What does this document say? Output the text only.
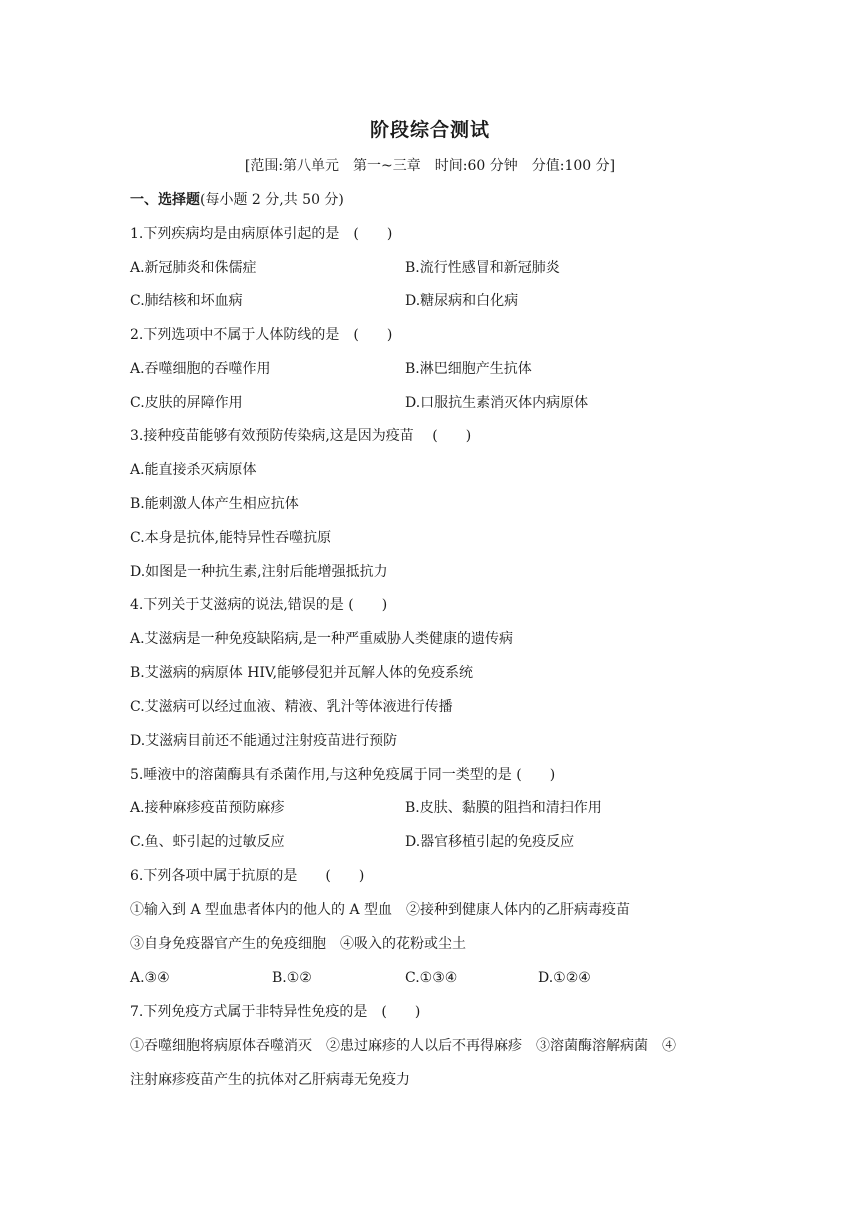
阶段综合测试
[范围:第八单元　第一~三章　时间:60 分钟　分值:100 分]
一、选择题(每小题 2 分,共 50 分)
1.下列疾病均是由病原体引起的是　(　　)
A.新冠肺炎和侏儒症	B.流行性感冒和新冠肺炎
C.肺结核和坏血病	D.糖尿病和白化病
2.下列选项中不属于人体防线的是　(　　)
A.吞噬细胞的吞噬作用	B.淋巴细胞产生抗体
C.皮肤的屏障作用	D.口服抗生素消灭体内病原体
3.接种疫苗能够有效预防传染病,这是因为疫苗　 (　　)
A.能直接杀灭病原体
B.能刺激人体产生相应抗体
C.本身是抗体,能特异性吞噬抗原
D.如图是一种抗生素,注射后能增强抵抗力
4.下列关于艾滋病的说法,错误的是 (　　)
A.艾滋病是一种免疫缺陷病,是一种严重威胁人类健康的遗传病
B.艾滋病的病原体 HIV,能够侵犯并瓦解人体的免疫系统
C.艾滋病可以经过血液、精液、乳汁等体液进行传播
D.艾滋病目前还不能通过注射疫苗进行预防
5.唾液中的溶菌酶具有杀菌作用,与这种免疫属于同一类型的是 (　　)
A.接种麻疹疫苗预防麻疹	B.皮肤、黏膜的阻挡和清扫作用
C.鱼、虾引起的过敏反应	D.器官移植引起的免疫反应
6.下列各项中属于抗原的是　　(　　)
①输入到 A 型血患者体内的他人的 A 型血　②接种到健康人体内的乙肝病毒疫苗
③自身免疫器官产生的免疫细胞　④吸入的花粉或尘土
A.③④	B.①②	C.①③④	D.①②④
7.下列免疫方式属于非特异性免疫的是　(　　)
①吞噬细胞将病原体吞噬消灭　②患过麻疹的人以后不再得麻疹　③溶菌酶溶解病菌　④
注射麻疹疫苗产生的抗体对乙肝病毒无免疫力
